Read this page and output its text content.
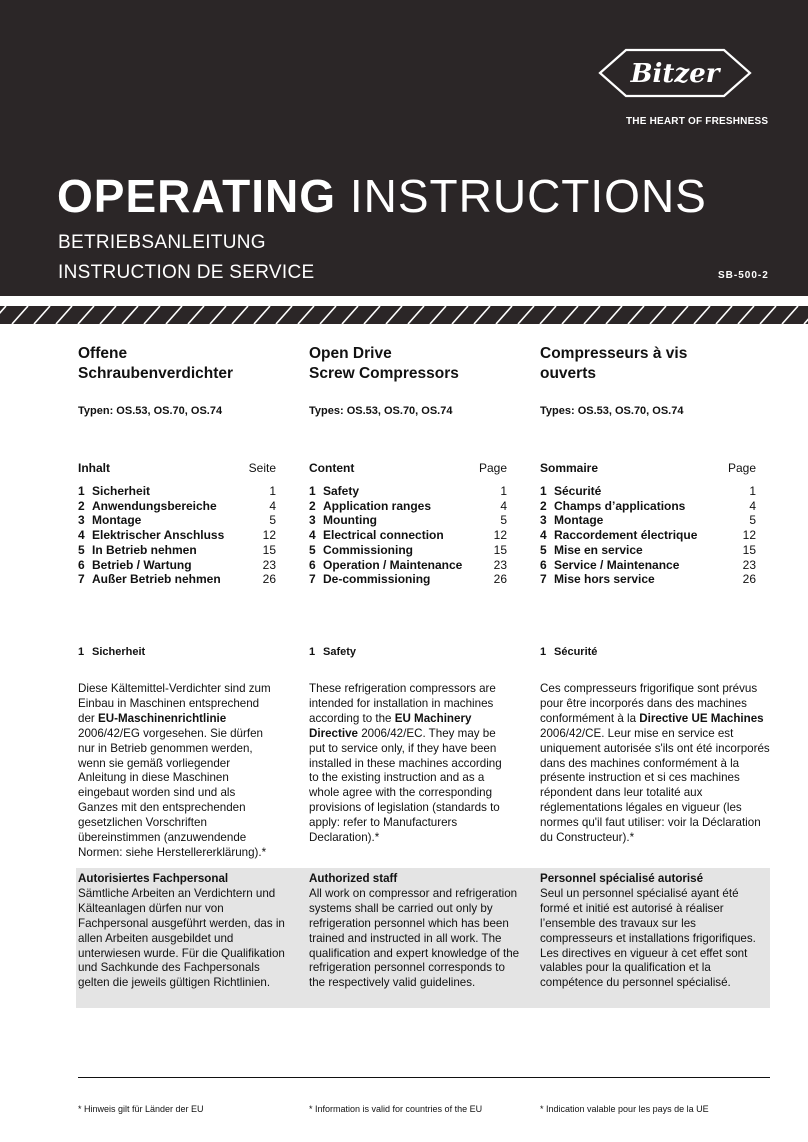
Bitzer
THE HEART OF FRESHNESS
OPERATING INSTRUCTIONS
BETRIEBSANLEITUNG
INSTRUCTION DE SERVICE	SB-500-2
Offene
Schraubenverdichter
Typen: OS.53, OS.70, OS.74
Inhalt	Seite
1 Sicherheit	1
2 Anwendungsbereiche	4
3 Montage	5
4 Elektrischer Anschluss	12
5 In Betrieb nehmen	15
6 Betrieb / Wartung	23
7 Außer Betrieb nehmen	26
1 Sicherheit
Diese Kältemittel-Verdichter sind zum Einbau in Maschinen entsprechend der EU-Maschinenrichtlinie 2006/42/EG vorgesehen. Sie dürfen nur in Betrieb genommen werden, wenn sie gemäß vorliegender Anleitung in diese Maschinen eingebaut worden sind und als Ganzes mit den entsprechenden gesetzlichen Vorschriften übereinstimmen (anzuwendende Normen: siehe Herstellererklärung).*
Autorisiertes Fachpersonal
Sämtliche Arbeiten an Verdichtern und Kälteanlagen dürfen nur von Fachpersonal ausgeführt werden, das in allen Arbeiten ausgebildet und unterwiesen wurde. Für die Qualifikation und Sachkunde des Fachpersonals gelten die jeweils gültigen Richtlinien.
* Hinweis gilt für Länder der EU
Open Drive
Screw Compressors
Types: OS.53, OS.70, OS.74
Content	Page
1 Safety	1
2 Application ranges	4
3 Mounting	5
4 Electrical connection	12
5 Commissioning	15
6 Operation / Maintenance	23
7 De-commissioning	26
1 Safety
These refrigeration compressors are intended for installation in machines according to the EU Machinery Directive 2006/42/EC. They may be put to service only, if they have been installed in these machines according to the existing instruction and as a whole agree with the corresponding provisions of legislation (standards to apply: refer to Manufacturers Declaration).*
Authorized staff
All work on compressor and refrigeration systems shall be carried out only by refrigeration personnel which has been trained and instructed in all work. The qualification and expert knowledge of the refrigeration personnel corresponds to the respectively valid guidelines.
* Information is valid for countries of the EU
Compresseurs à vis
ouverts
Types: OS.53, OS.70, OS.74
Sommaire	Page
1 Sécurité	1
2 Champs d’applications	4
3 Montage	5
4 Raccordement électrique	12
5 Mise en service	15
6 Service / Maintenance	23
7 Mise hors service	26
1 Sécurité
Ces compresseurs frigorifique sont prévus pour être incorporés dans des machines conformément à la Directive UE Machines 2006/42/CE. Leur mise en service est uniquement autorisée s'ils ont été incorporés dans des machines conformément à la présente instruction et si ces machines répondent dans leur totalité aux réglementations légales en vigueur (les normes qu'il faut utiliser: voir la Déclaration du Constructeur).*
Personnel spécialisé autorisé
Seul un personnel spécialisé ayant été formé et initié est autorisé à réaliser l’ensemble des travaux sur les compresseurs et installations frigorifiques. Les directives en vigueur à cet effet sont valables pour la qualification et la compétence du personnel spécialisé.
* Indication valable pour les pays de la UE
